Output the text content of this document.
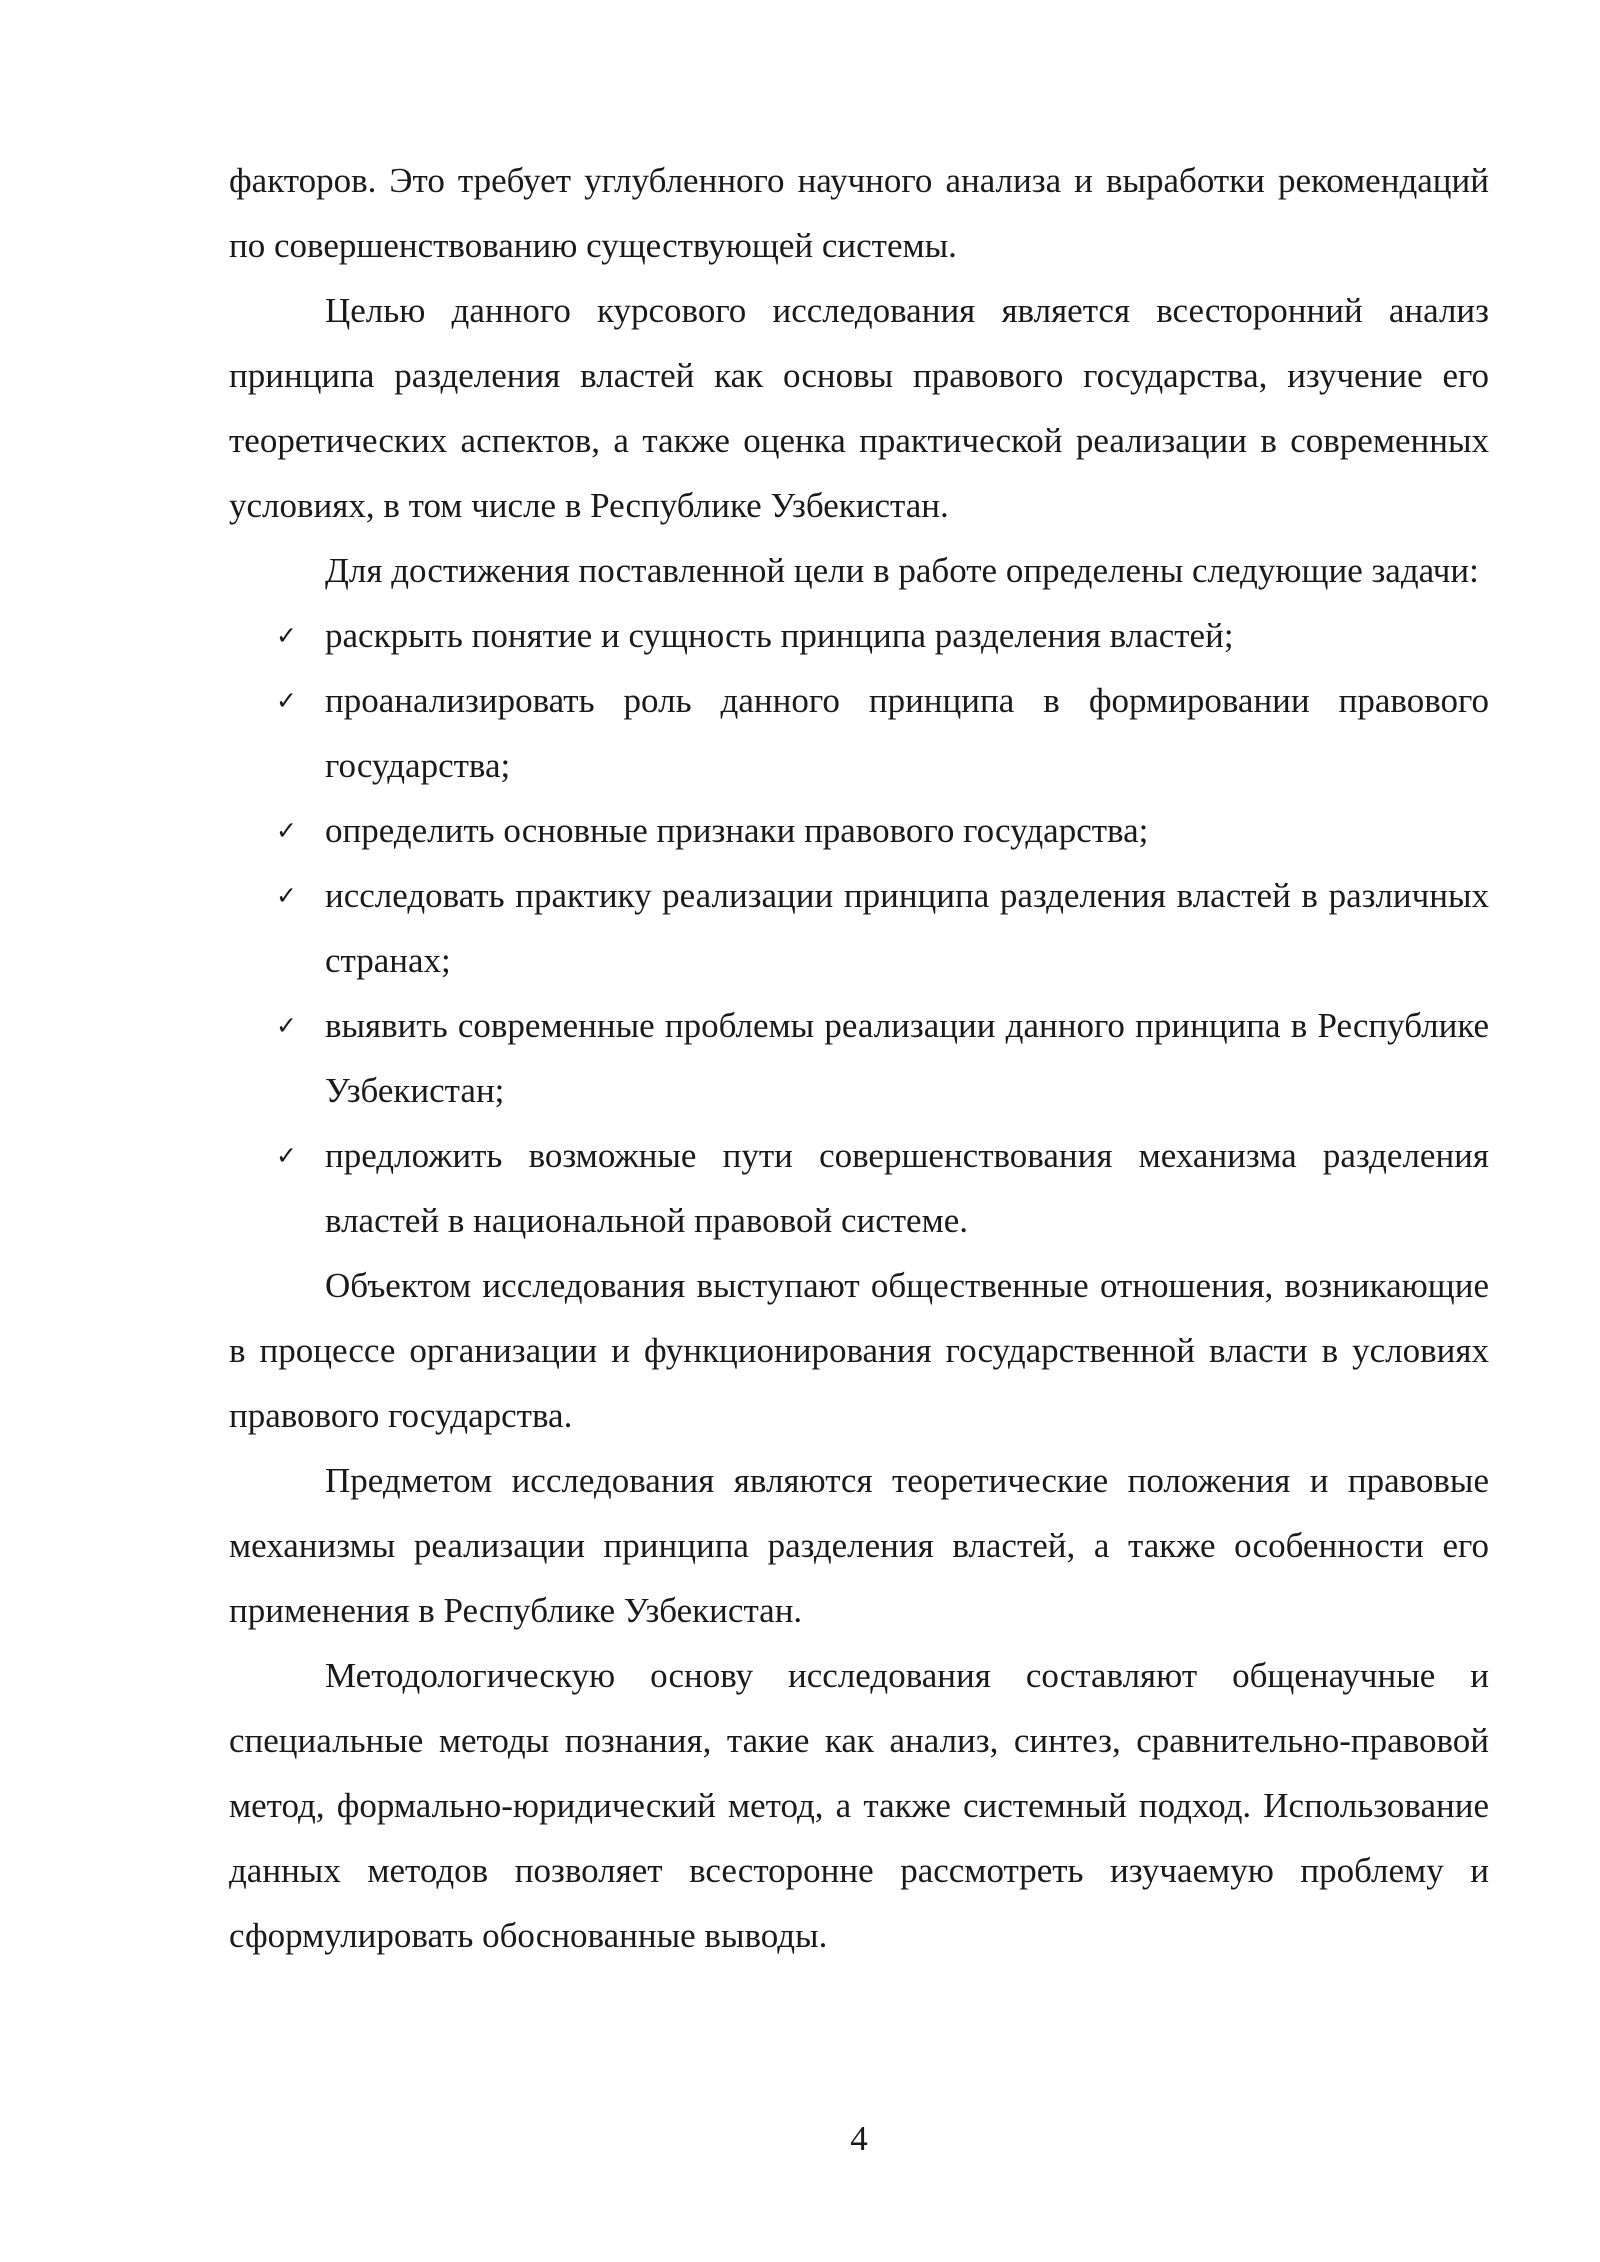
факторов. Это требует углубленного научного анализа и выработки рекомендаций по совершенствованию существующей системы.

Целью данного курсового исследования является всесторонний анализ принципа разделения властей как основы правового государства, изучение его теоретических аспектов, а также оценка практической реализации в современных условиях, в том числе в Республике Узбекистан.

Для достижения поставленной цели в работе определены следующие задачи:

✓ раскрыть понятие и сущность принципа разделения властей;
✓ проанализировать роль данного принципа в формировании правового государства;
✓ определить основные признаки правового государства;
✓ исследовать практику реализации принципа разделения властей в различных странах;
✓ выявить современные проблемы реализации данного принципа в Республике Узбекистан;
✓ предложить возможные пути совершенствования механизма разделения властей в национальной правовой системе.

Объектом исследования выступают общественные отношения, возникающие в процессе организации и функционирования государственной власти в условиях правового государства.

Предметом исследования являются теоретические положения и правовые механизмы реализации принципа разделения властей, а также особенности его применения в Республике Узбекистан.

Методологическую основу исследования составляют общенаучные и специальные методы познания, такие как анализ, синтез, сравнительно-правовой метод, формально-юридический метод, а также системный подход. Использование данных методов позволяет всесторонне рассмотреть изучаемую проблему и сформулировать обоснованные выводы.

4
